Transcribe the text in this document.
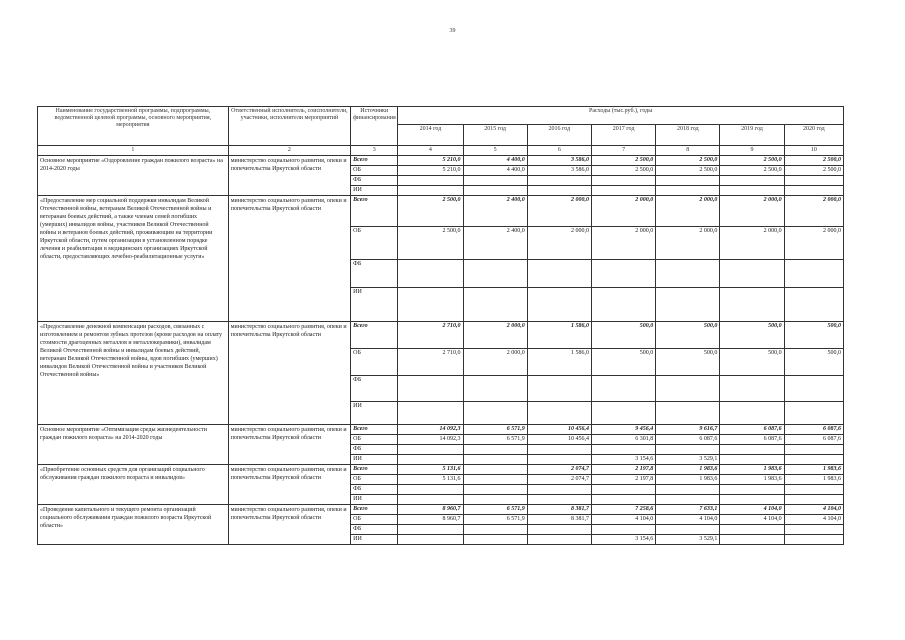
39
Наименование государственной программы, подпрограммы, ведомственной целевой программы, основного мероприятия, мероприятия	Ответственный исполнитель, соисполнители, участники, исполнители мероприятий	Источники финансирования	Расходы (тыс.руб.), годы						
			2014 год	2015 год	2016 год	2017 год	2018 год	2019 год	2020 год
1	2	3	4	5	6	7	8	9	10
Основное мероприятие «Оздоровление граждан пожилого возраста» на 2014-2020 годы	министерство социального развития, опеки и попечительства Иркутской области	Всего	5 210,0	4 400,0	3 586,0	2 500,0	2 500,0	2 500,0	2 500,0
		ОБ	5 210,0	4 400,0	3 586,0	2 500,0	2 500,0	2 500,0	2 500,0
		ФБ							
		ИИ							
«Предоставление мер социальной поддержки инвалидам Великой Отечественной войны, ветеранам Великой Отечественной войны и ветеранам боевых действий, а также членам семей погибших (умерших) инвалидов войны, участников Великой Отечественной войны и ветеранов боевых действий, проживающим на территории Иркутской области, путем организации в установленном порядке лечения и реабилитации в медицинских организациях Иркутской области, предоставляющих лечебно-реабилитационные услуги»	министерство социального развития, опеки и попечительства Иркутской области	Всего	2 500,0	2 400,0	2 000,0	2 000,0	2 000,0	2 000,0	2 000,0
		ОБ	2 500,0	2 400,0	2 000,0	2 000,0	2 000,0	2 000,0	2 000,0
		ФБ							
		ИИ							
«Предоставление денежной компенсации расходов, связанных с изготовлением и ремонтом зубных протезов (кроме расходов на оплату стоимости драгоценных металлов и металлокерамики), инвалидам Великой Отечественной войны и инвалидам боевых действий, ветеранам Великой Отечественной войны, вдов погибших (умерших) инвалидов Великой Отечественной войны и участников Великой Отечественной войны»	министерство социального развития, опеки и попечительства Иркутской области	Всего	2 710,0	2 000,0	1 586,0	500,0	500,0	500,0	500,0
		ОБ	2 710,0	2 000,0	1 586,0	500,0	500,0	500,0	500,0
		ФБ							
		ИИ							
Основное мероприятие «Оптимизация среды жизнедеятельности граждан пожилого возраста» на 2014-2020 годы	министерство социального развития, опеки и попечительства Иркутской области	Всего	14 092,3	6 571,9	10 456,4	9 456,4	9 616,7	6 087,6	6 087,6
		ОБ	14 092,3	6 571,9	10 456,4	6 301,8	6 087,6	6 087,6	6 087,6
		ФБ							
		ИИ				3 154,6	3 529,1		
«Приобретение основных средств для организаций социального обслуживания граждан пожилого возраста и инвалидов»	министерство социального развития, опеки и попечительства Иркутской области	Всего	5 131,6		2 074,7	2 197,8	1 983,6	1 983,6	1 983,6
		ОБ	5 131,6		2 074,7	2 197,8	1 983,6	1 983,6	1 983,6
		ФБ							
		ИИ							
«Проведение капитального и текущего ремонта организаций социального обслуживания граждан пожилого возраста Иркутской области»	министерство социального развития, опеки и попечительства Иркутской области	Всего	8 960,7	6 571,9	8 381,7	7 258,6	7 633,1	4 104,0	4 104,0
		ОБ	8 960,7	6 571,9	8 381,7	4 104,0	4 104,0	4 104,0	4 104,0
		ФБ							
		ИИ				3 154,6	3 529,1		
